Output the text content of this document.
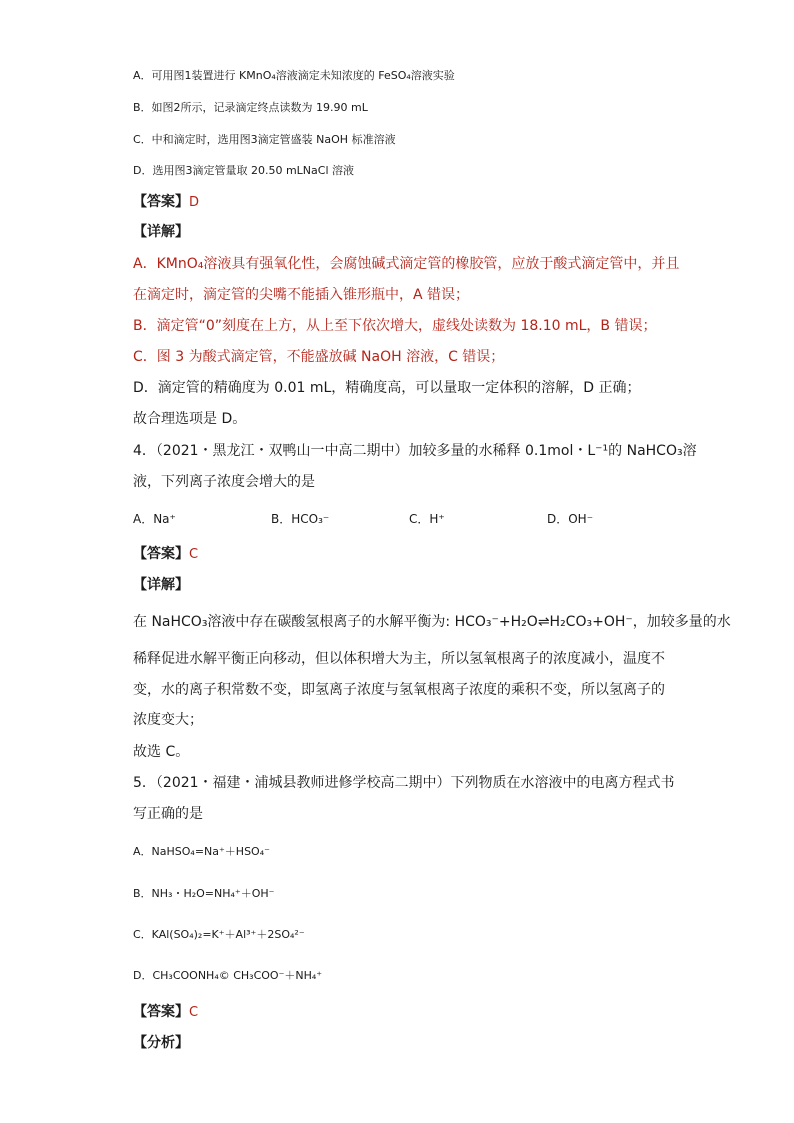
A．可用图1装置进行 KMnO₄溶液滴定未知浓度的 FeSO₄溶液实验
B．如图2所示，记录滴定终点读数为 19.90 mL
C．中和滴定时，选用图3滴定管盛装 NaOH 标准溶液
D．选用图3滴定管量取 20.50 mLNaCl 溶液
【答案】D
【详解】
A．KMnO₄溶液具有强氧化性，会腐蚀碱式滴定管的橡胶管，应放于酸式滴定管中，并且
在滴定时，滴定管的尖嘴不能插入锥形瓶中，A 错误；
B．滴定管“0”刻度在上方，从上至下依次增大，虚线处读数为 18.10 mL，B 错误；
C．图 3 为酸式滴定管，不能盛放碱 NaOH 溶液，C 错误；
D．滴定管的精确度为 0.01 mL，精确度高，可以量取一定体积的溶解，D 正确；
故合理选项是 D。
4．（2021・黑龙江・双鸭山一中高二期中）加较多量的水稀释 0.1mol・L⁻¹的 NaHCO₃溶
液，下列离子浓度会增大的是
A．Na⁺	B．HCO₃⁻	C．H⁺	D．OH⁻
【答案】C
【详解】
在 NaHCO₃溶液中存在碳酸氢根离子的水解平衡为: HCO₃⁻+H₂O⇌H₂CO₃+OH⁻，加较多量的水
稀释促进水解平衡正向移动，但以体积增大为主，所以氢氧根离子的浓度减小，温度不
变，水的离子积常数不变，即氢离子浓度与氢氧根离子浓度的乘积不变，所以氢离子的
浓度变大；
故选 C。
5．（2021・福建・浦城县教师进修学校高二期中）下列物质在水溶液中的电离方程式书
写正确的是
A．NaHSO₄=Na⁺＋HSO₄⁻
B．NH₃・H₂O=NH₄⁺＋OH⁻
C．KAl(SO₄)₂=K⁺＋Al³⁺＋2SO₄²⁻
D．CH₃COONH₄© CH₃COO⁻＋NH₄⁺
【答案】C
【分析】
